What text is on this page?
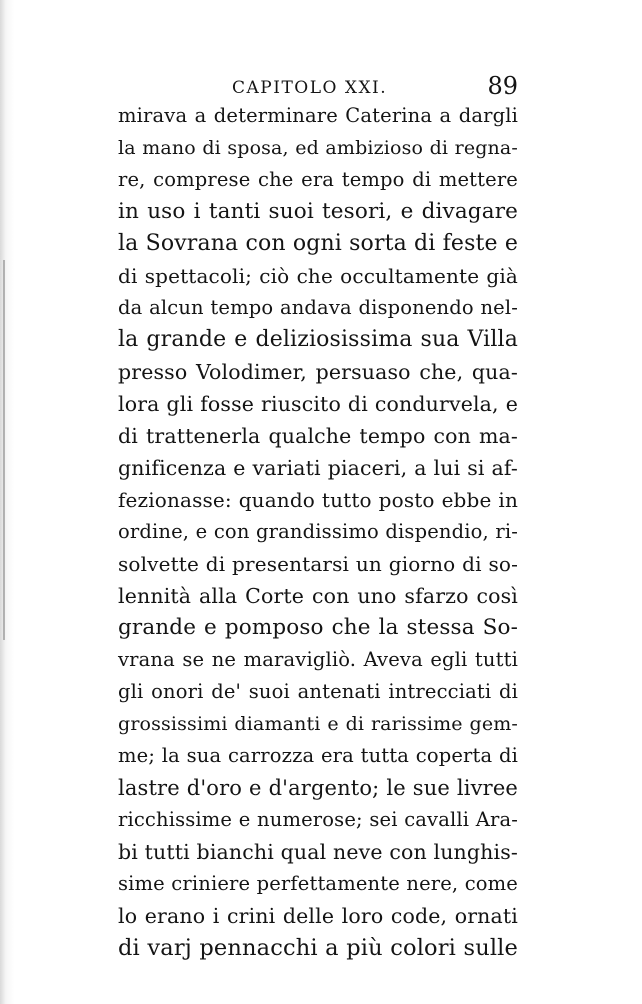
CAPITOLO XXI.	89
mirava a determinare Caterina a dargli
la mano di sposa, ed ambizioso di regna-
re, comprese che era tempo di mettere
in uso i tanti suoi tesori, e divagare
la Sovrana con ogni sorta di feste e
di spettacoli; ciò che occultamente già
da alcun tempo andava disponendo nel-
la grande e deliziosissima sua Villa
presso Volodimer, persuaso che, qua-
lora gli fosse riuscito di condurvela, e
di trattenerla qualche tempo con ma-
gnificenza e variati piaceri, a lui si af-
fezionasse: quando tutto posto ebbe in
ordine, e con grandissimo dispendio, ri-
solvette di presentarsi un giorno di so-
lennità alla Corte con uno sfarzo così
grande e pomposo che la stessa So-
vrana se ne maravigliò. Aveva egli tutti
gli onori de' suoi antenati intrecciati di
grossissimi diamanti e di rarissime gem-
me; la sua carrozza era tutta coperta di
lastre d'oro e d'argento; le sue livree
ricchissime e numerose; sei cavalli Ara-
bi tutti bianchi qual neve con lunghis-
sime criniere perfettamente nere, come
lo erano i crini delle loro code, ornati
di varj pennacchi a più colori sulle
